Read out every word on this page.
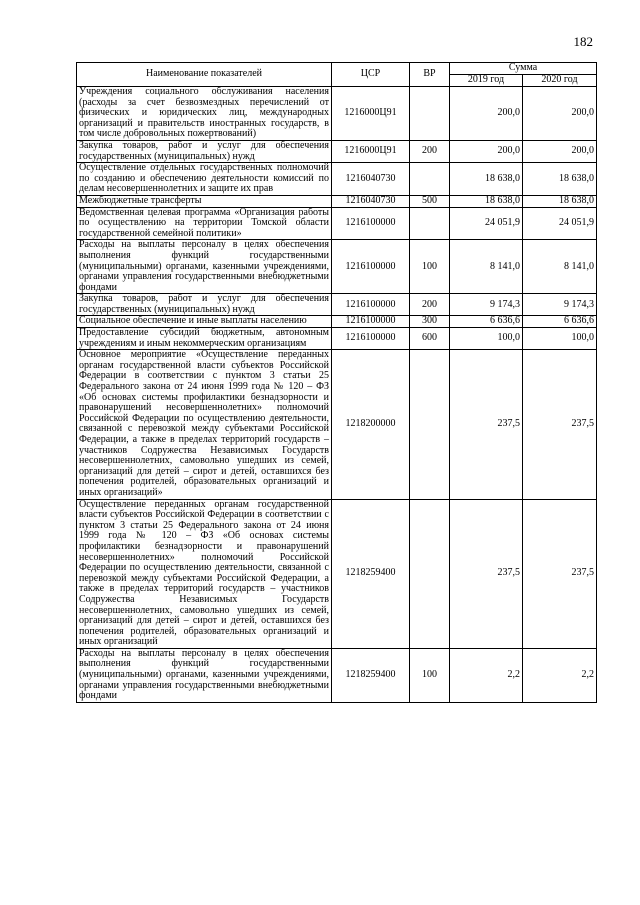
182
Наименование показателей	ЦСР	ВР	Сумма	
			2019 год	2020 год
Учреждения социального обслуживания населения (расходы за счет безвозмездных перечислений от физических и юридических лиц, международных организаций и правительств иностранных государств, в том числе добровольных пожертвований)	1216000Ц91		200,0	200,0
Закупка товаров, работ и услуг для обеспечения государственных (муниципальных) нужд	1216000Ц91	200	200,0	200,0
Осуществление отдельных государственных полномочий по созданию и обеспечению деятельности комиссий по делам несовершеннолетних и защите их прав	1216040730		18 638,0	18 638,0
Межбюджетные трансферты	1216040730	500	18 638,0	18 638,0
Ведомственная целевая программа «Организация работы по осуществлению на территории Томской области государственной семейной политики»	1216100000		24 051,9	24 051,9
Расходы на выплаты персоналу в целях обеспечения выполнения функций государственными (муниципальными) органами, казенными учреждениями, органами управления государственными внебюджетными фондами	1216100000	100	8 141,0	8 141,0
Закупка товаров, работ и услуг для обеспечения государственных (муниципальных) нужд	1216100000	200	9 174,3	9 174,3
Социальное обеспечение и иные выплаты населению	1216100000	300	6 636,6	6 636,6
Предоставление субсидий бюджетным, автономным учреждениям и иным некоммерческим организациям	1216100000	600	100,0	100,0
Основное мероприятие «Осуществление переданных органам государственной власти субъектов Российской Федерации в соответствии с пунктом 3 статьи 25 Федерального закона от 24 июня 1999 года № 120 – ФЗ «Об основах системы профилактики безнадзорности и правонарушений несовершеннолетних» полномочий Российской Федерации по осуществлению деятельности, связанной с перевозкой между субъектами Российской Федерации, а также в пределах территорий государств – участников Содружества Независимых Государств несовершеннолетних, самовольно ушедших из семей, организаций для детей – сирот и детей, оставшихся без попечения родителей, образовательных организаций и иных организаций»	1218200000		237,5	237,5
Осуществление переданных органам государственной власти субъектов Российской Федерации в соответствии с пунктом 3 статьи 25 Федерального закона от 24 июня 1999 года № 120 – ФЗ «Об основах системы профилактики безнадзорности и правонарушений несовершеннолетних» полномочий Российской Федерации по осуществлению деятельности, связанной с перевозкой между субъектами Российской Федерации, а также в пределах территорий государств – участников Содружества Независимых Государств несовершеннолетних, самовольно ушедших из семей, организаций для детей – сирот и детей, оставшихся без попечения родителей, образовательных организаций и иных организаций	1218259400		237,5	237,5
Расходы на выплаты персоналу в целях обеспечения выполнения функций государственными (муниципальными) органами, казенными учреждениями, органами управления государственными внебюджетными фондами	1218259400	100	2,2	2,2
